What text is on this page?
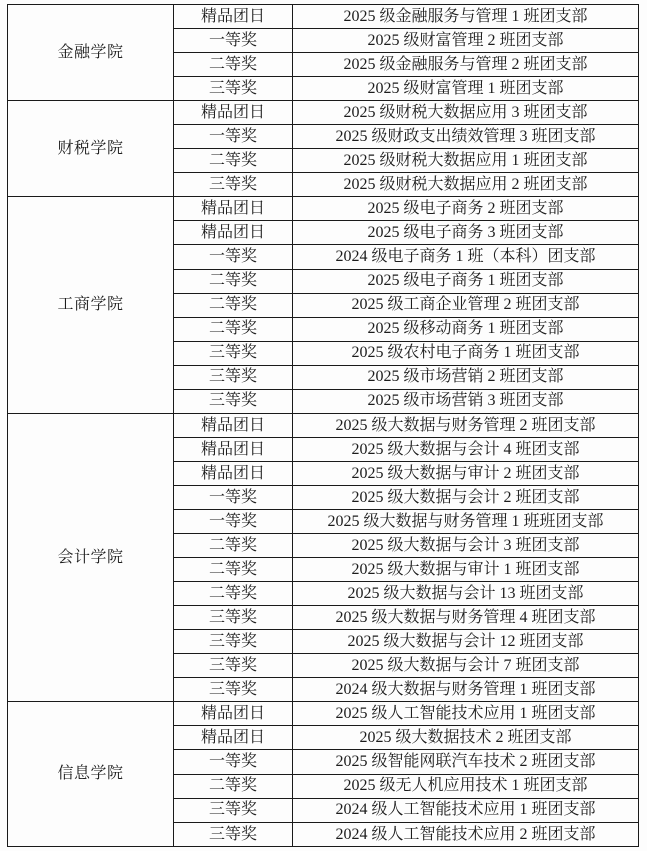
金融学院	精品团日	2025 级金融服务与管理 1 班团支部
	一等奖	2025 级财富管理 2 班团支部
	二等奖	2025 级金融服务与管理 2 班团支部
	三等奖	2025 级财富管理 1 班团支部
财税学院	精品团日	2025 级财税大数据应用 3 班团支部
	一等奖	2025 级财政支出绩效管理 3 班团支部
	二等奖	2025 级财税大数据应用 1 班团支部
	三等奖	2025 级财税大数据应用 2 班团支部
工商学院	精品团日	2025 级电子商务 2 班团支部
	精品团日	2025 级电子商务 3 班团支部
	一等奖	2024 级电子商务 1 班（本科）团支部
	二等奖	2025 级电子商务 1 班团支部
	二等奖	2025 级工商企业管理 2 班团支部
	二等奖	2025 级移动商务 1 班团支部
	三等奖	2025 级农村电子商务 1 班团支部
	三等奖	2025 级市场营销 2 班团支部
	三等奖	2025 级市场营销 3 班团支部
会计学院	精品团日	2025 级大数据与财务管理 2 班团支部
	精品团日	2025 级大数据与会计 4 班团支部
	精品团日	2025 级大数据与审计 2 班团支部
	一等奖	2025 级大数据与会计 2 班团支部
	一等奖	2025 级大数据与财务管理 1 班班团支部
	二等奖	2025 级大数据与会计 3 班团支部
	二等奖	2025 级大数据与审计 1 班团支部
	二等奖	2025 级大数据与会计 13 班团支部
	三等奖	2025 级大数据与财务管理 4 班团支部
	三等奖	2025 级大数据与会计 12 班团支部
	三等奖	2025 级大数据与会计 7 班团支部
	三等奖	2024 级大数据与财务管理 1 班团支部
信息学院	精品团日	2025 级人工智能技术应用 1 班团支部
	精品团日	2025 级大数据技术 2 班团支部
	一等奖	2025 级智能网联汽车技术 2 班团支部
	二等奖	2025 级无人机应用技术 1 班团支部
	三等奖	2024 级人工智能技术应用 1 班团支部
	三等奖	2024 级人工智能技术应用 2 班团支部
